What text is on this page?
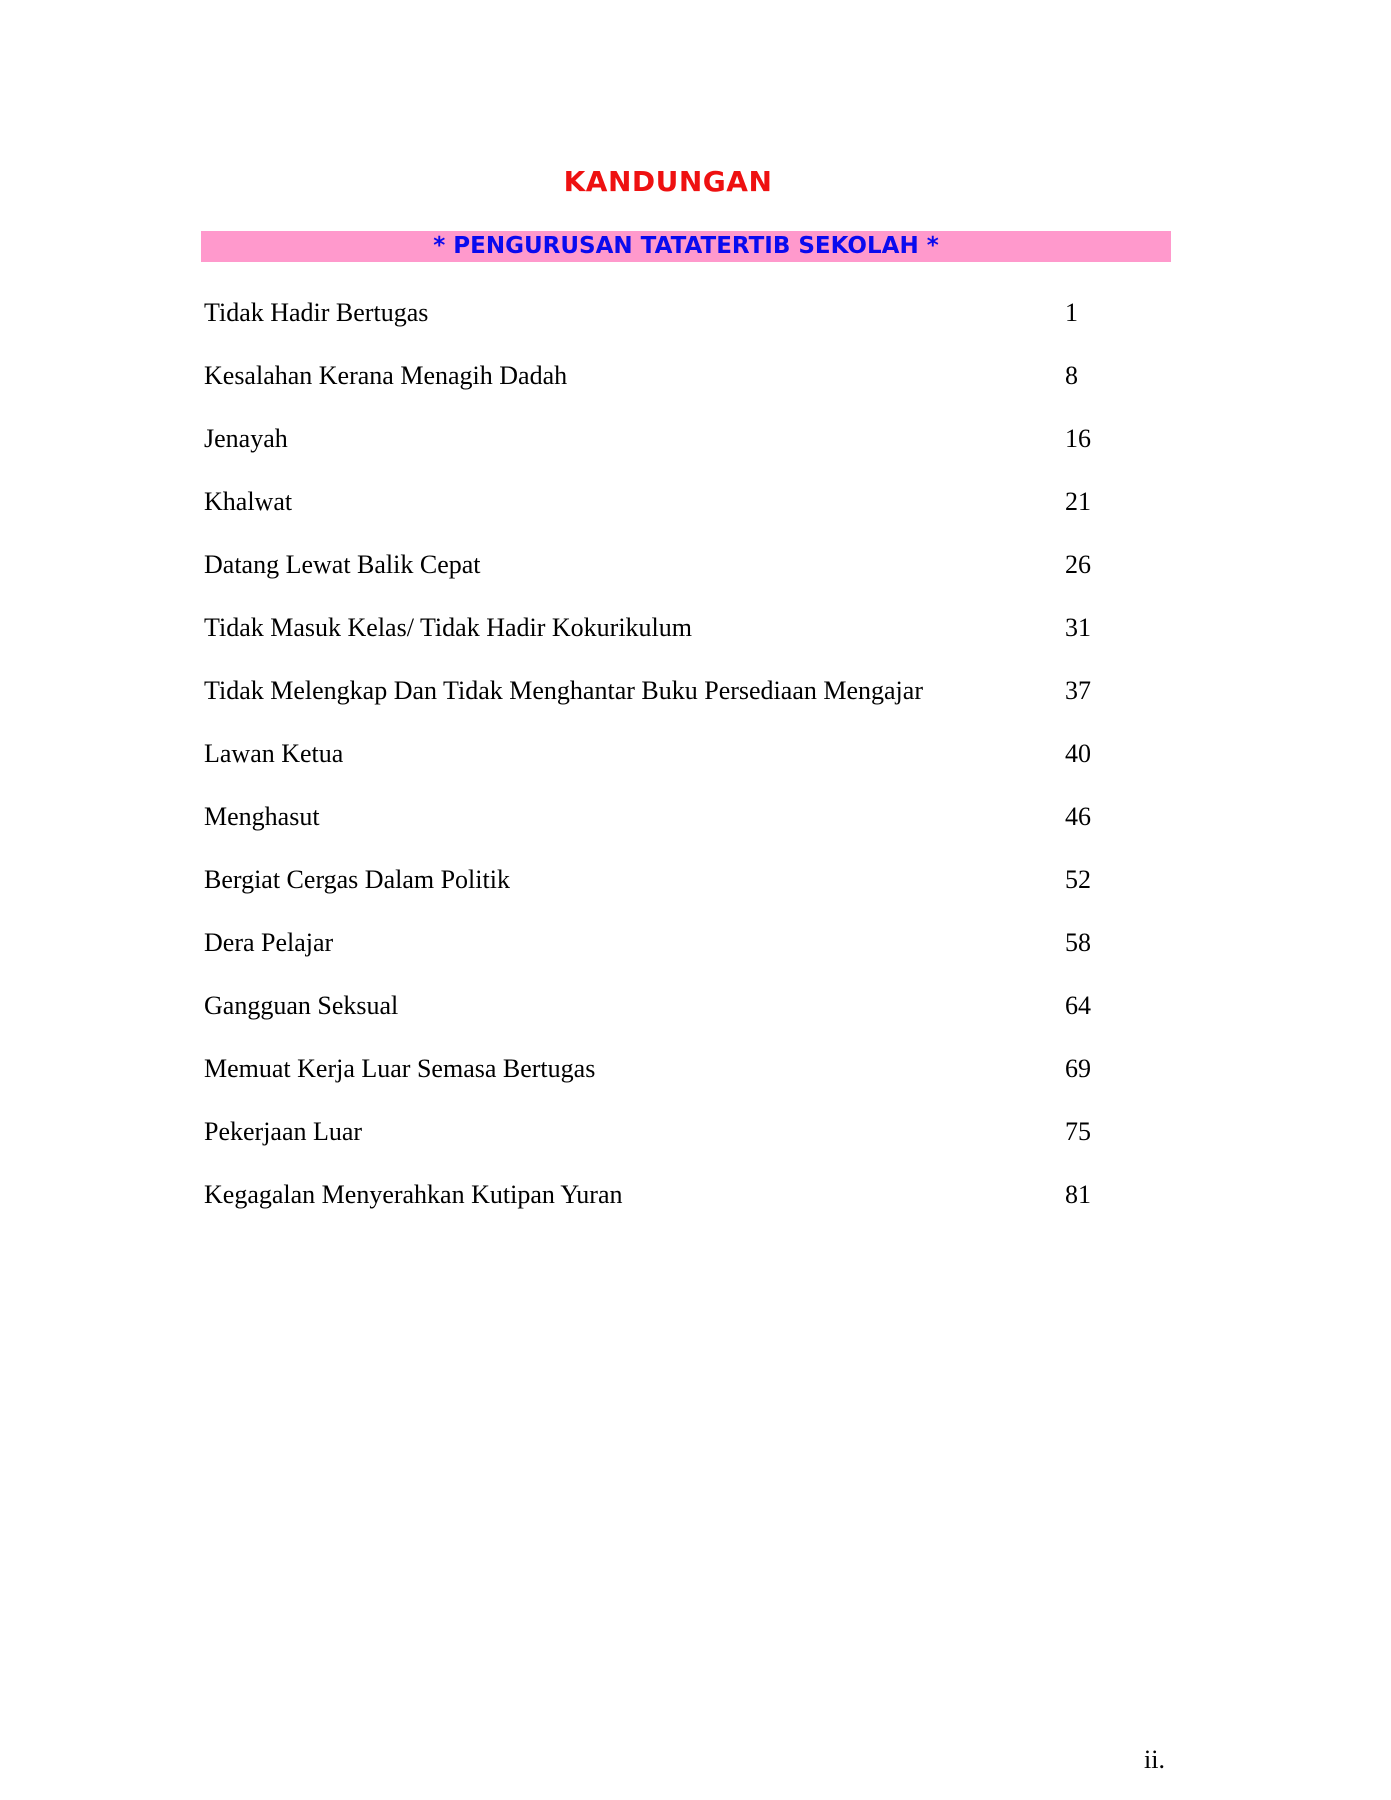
KANDUNGAN
* PENGURUSAN TATATERTIB SEKOLAH *
Tidak Hadir Bertugas	1
Kesalahan Kerana Menagih Dadah	8
Jenayah	16
Khalwat	21
Datang Lewat Balik Cepat	26
Tidak Masuk Kelas/ Tidak Hadir Kokurikulum	31
Tidak Melengkap Dan Tidak Menghantar Buku Persediaan Mengajar	37
Lawan Ketua	40
Menghasut	46
Bergiat Cergas Dalam Politik	52
Dera Pelajar	58
Gangguan Seksual	64
Memuat Kerja Luar Semasa Bertugas	69
Pekerjaan Luar	75
Kegagalan Menyerahkan Kutipan Yuran	81
ii.
